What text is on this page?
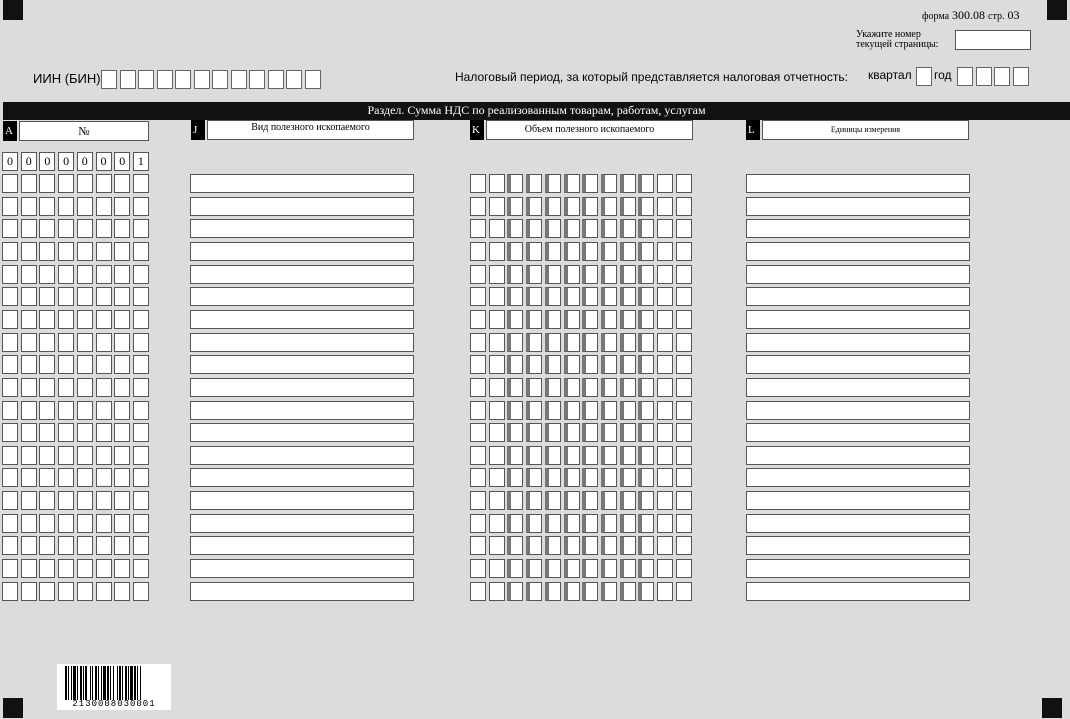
форма 300.08 стр. 03
Укажите номер
текущей страницы:
ИИН (БИН)	Налоговый период, за который представляется налоговая отчетность: квартал год
Раздел. Сумма НДС по реализованным товарам, работам, услугам
A	№	J	Вид полезного ископаемого	K	Объем полезного ископаемого	L	Единицы измерения
0	0	0	0	0	0	0	1
2130008030001
